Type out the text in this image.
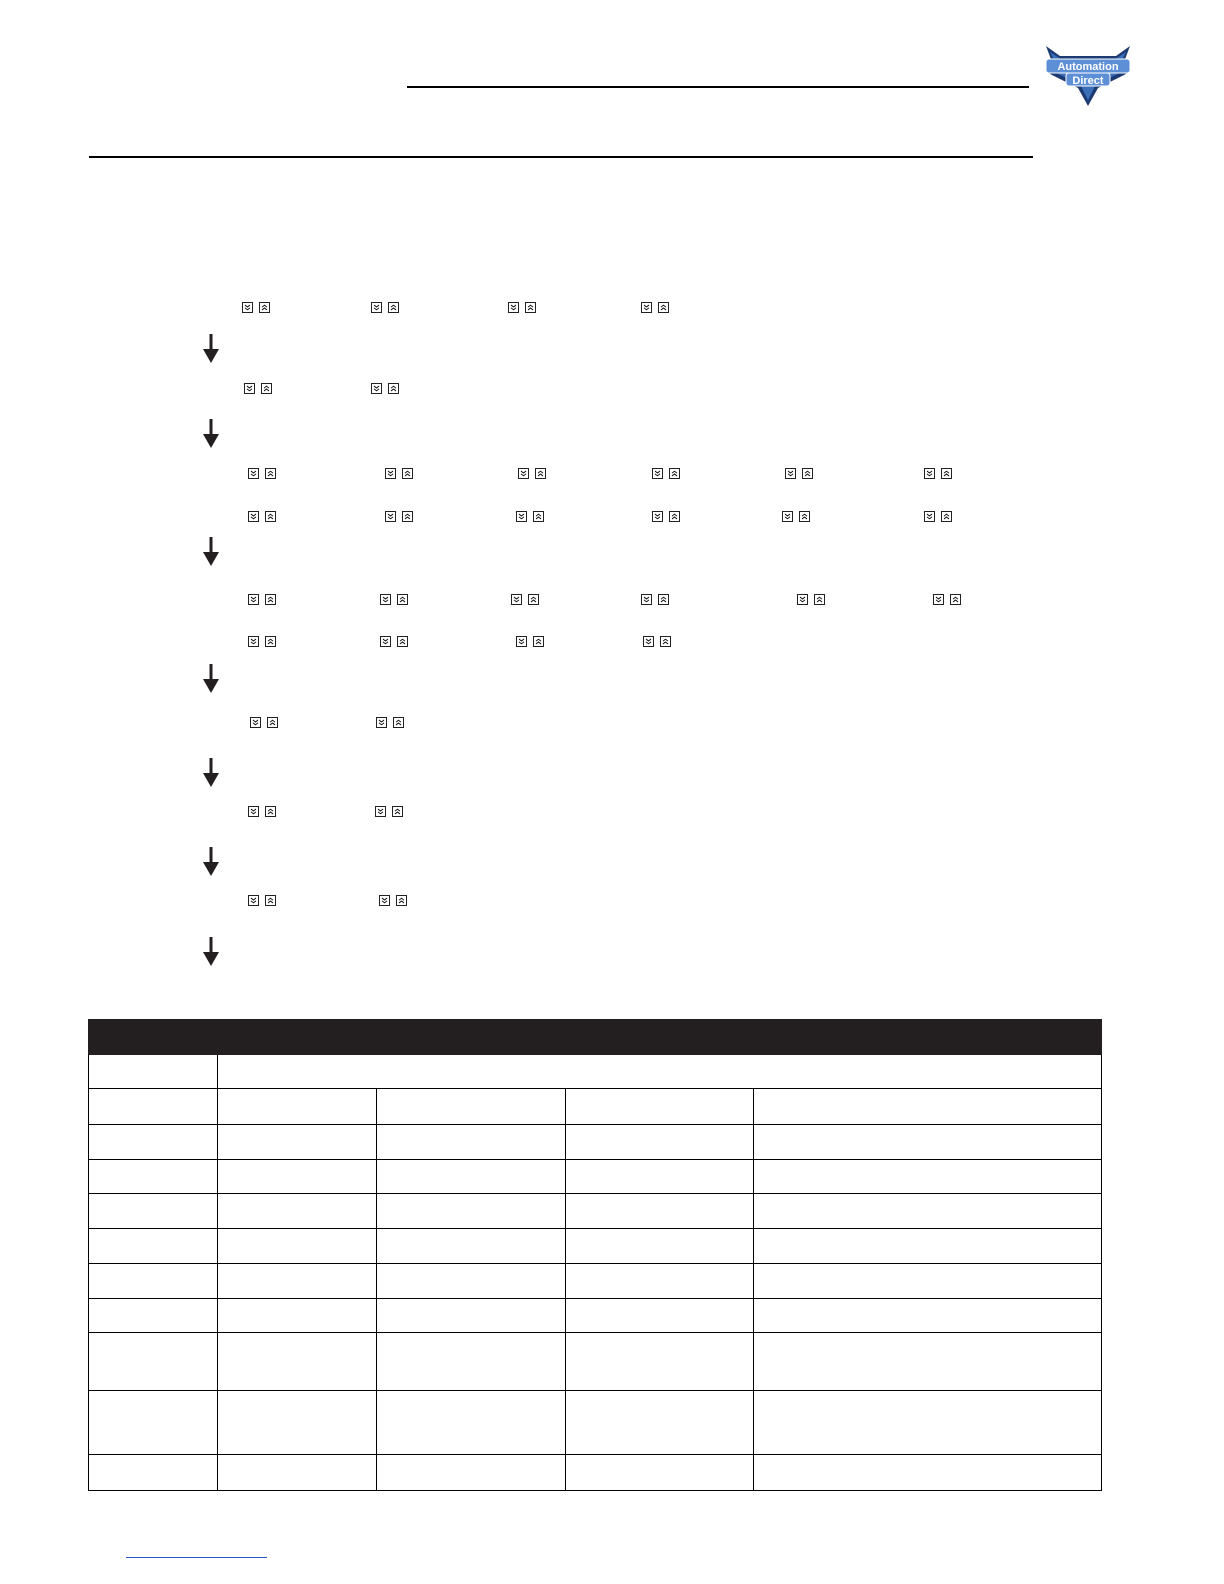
Automation
Direct
